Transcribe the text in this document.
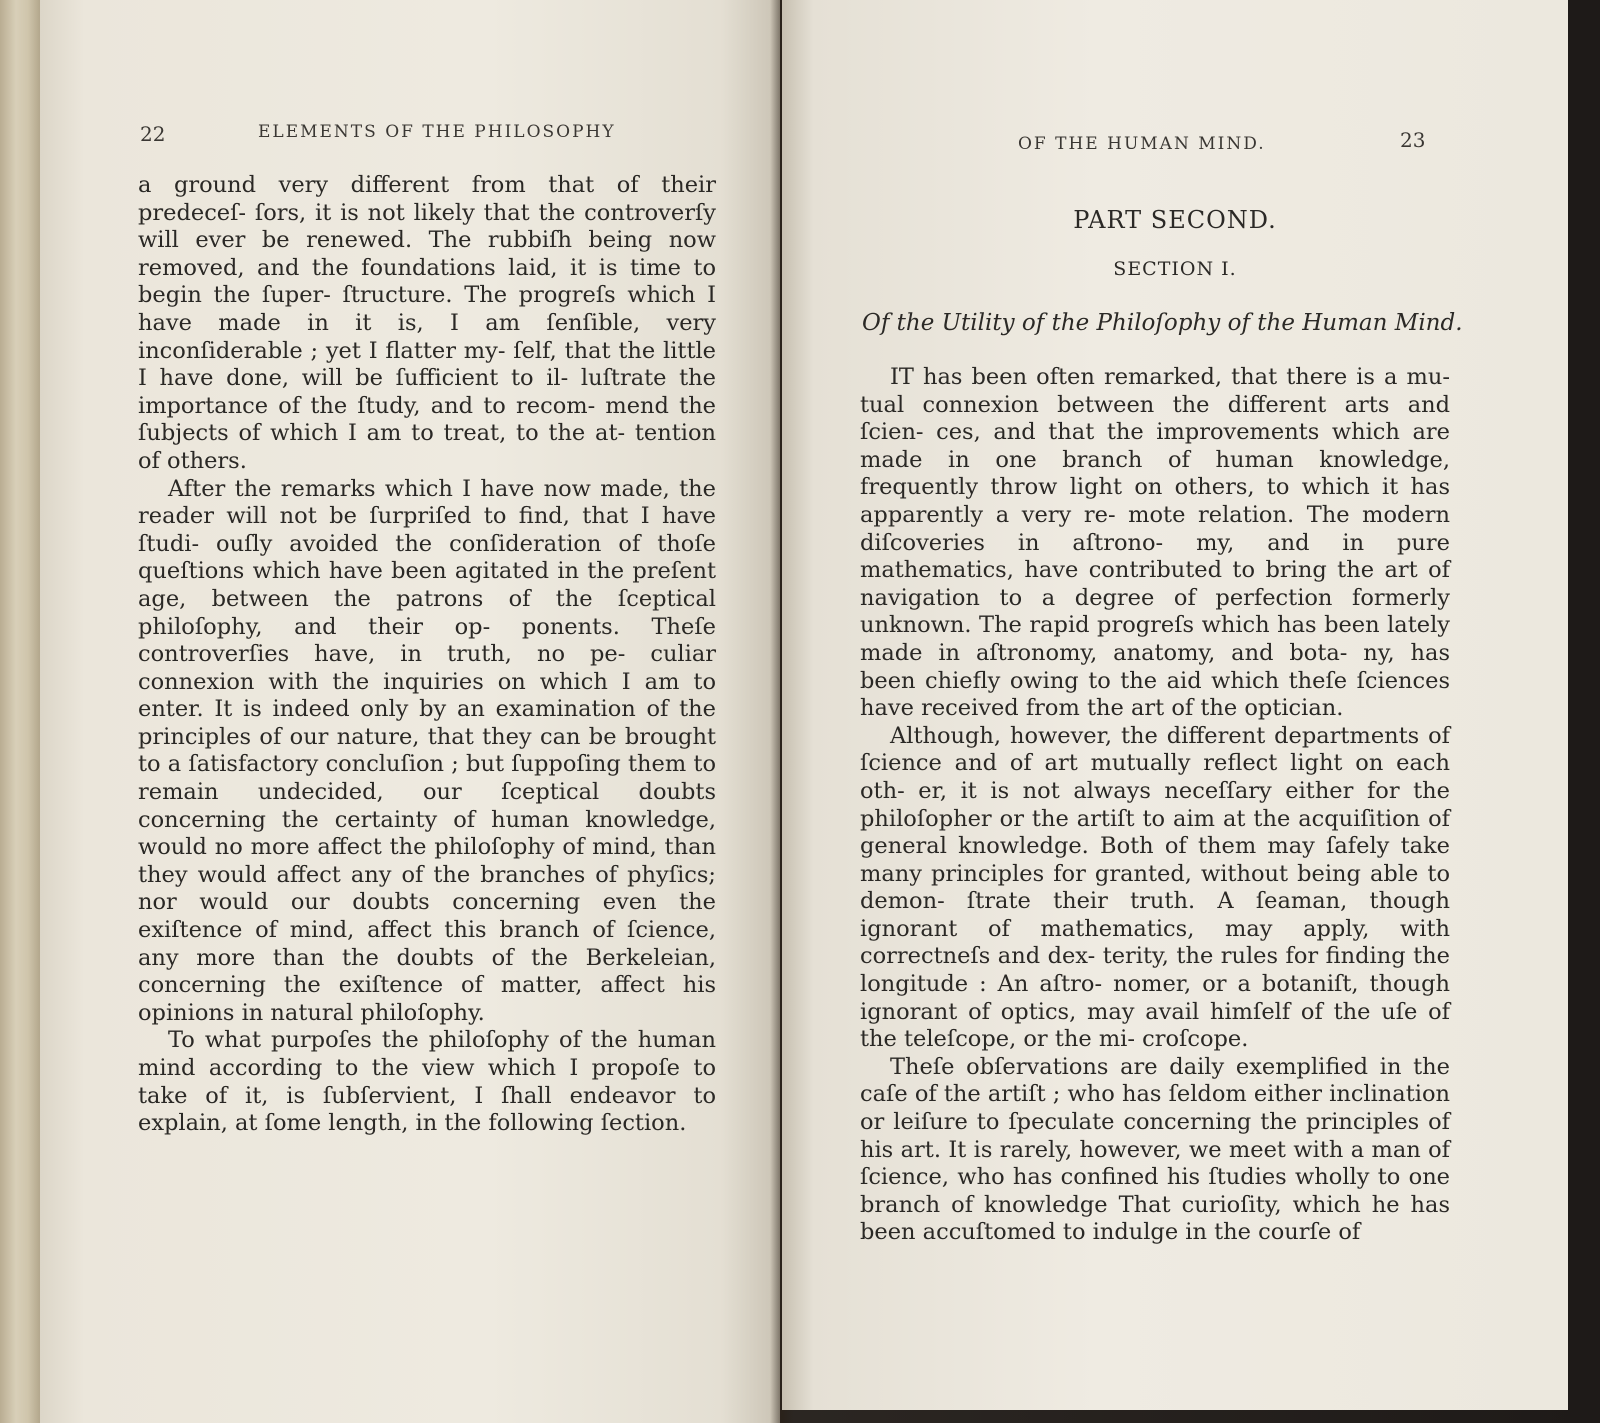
22	ELEMENTS OF THE PHILOSOPHY

a ground very different from that of their predeceſ- ſors, it is not likely that the controverſy will ever be renewed. The rubbiſh being now removed, and the foundations laid, it is time to begin the ſuper- ſtructure. The progreſs which I have made in it is, I am ſenſible, very inconſiderable ; yet I flatter my- ſelf, that the little I have done, will be ſufficient to il- luſtrate the importance of the ſtudy, and to recom- mend the ſubjects of which I am to treat, to the at- tention of others.

After the remarks which I have now made, the reader will not be ſurpriſed to find, that I have ſtudi- ouſly avoided the conſideration of thoſe queſtions which have been agitated in the preſent age, between the patrons of the ſceptical philoſophy, and their op- ponents. Theſe controverſies have, in truth, no pe- culiar connexion with the inquiries on which I am to enter. It is indeed only by an examination of the principles of our nature, that they can be brought to a ſatisfactory concluſion ; but ſuppoſing them to remain undecided, our ſceptical doubts concerning the certainty of human knowledge, would no more affect the philoſophy of mind, than they would affect any of the branches of phyſics; nor would our doubts concerning even the exiſtence of mind, affect this branch of ſcience, any more than the doubts of the Berkeleian, concerning the exiſtence of matter, affect his opinions in natural philoſophy.

To what purpoſes the philoſophy of the human mind according to the view which I propoſe to take of it, is ſubſervient, I ſhall endeavor to explain, at ſome length, in the following ſection.

OF THE HUMAN MIND.	23
PART SECOND.
SECTION I.
Of the Utility of the Philoſophy of the Human Mind.

IT has been often remarked, that there is a mu- tual connexion between the different arts and ſcien- ces, and that the improvements which are made in one branch of human knowledge, frequently throw light on others, to which it has apparently a very re- mote relation. The modern diſcoveries in aſtrono- my, and in pure mathematics, have contributed to bring the art of navigation to a degree of perfection formerly unknown. The rapid progreſs which has been lately made in aſtronomy, anatomy, and bota- ny, has been chiefly owing to the aid which theſe ſciences have received from the art of the optician.

Although, however, the different departments of ſcience and of art mutually reflect light on each oth- er, it is not always neceſſary either for the philoſopher or the artiſt to aim at the acquiſition of general knowledge. Both of them may ſafely take many principles for granted, without being able to demon- ſtrate their truth. A ſeaman, though ignorant of mathematics, may apply, with correctneſs and dex- terity, the rules for finding the longitude : An aſtro- nomer, or a botaniſt, though ignorant of optics, may avail himſelf of the uſe of the teleſcope, or the mi- croſcope.

Theſe obſervations are daily exemplified in the caſe of the artiſt ; who has ſeldom either inclination or leiſure to ſpeculate concerning the principles of his art. It is rarely, however, we meet with a man of ſcience, who has confined his ſtudies wholly to one branch of knowledge That curioſity, which he has been accuſtomed to indulge in the courſe of
